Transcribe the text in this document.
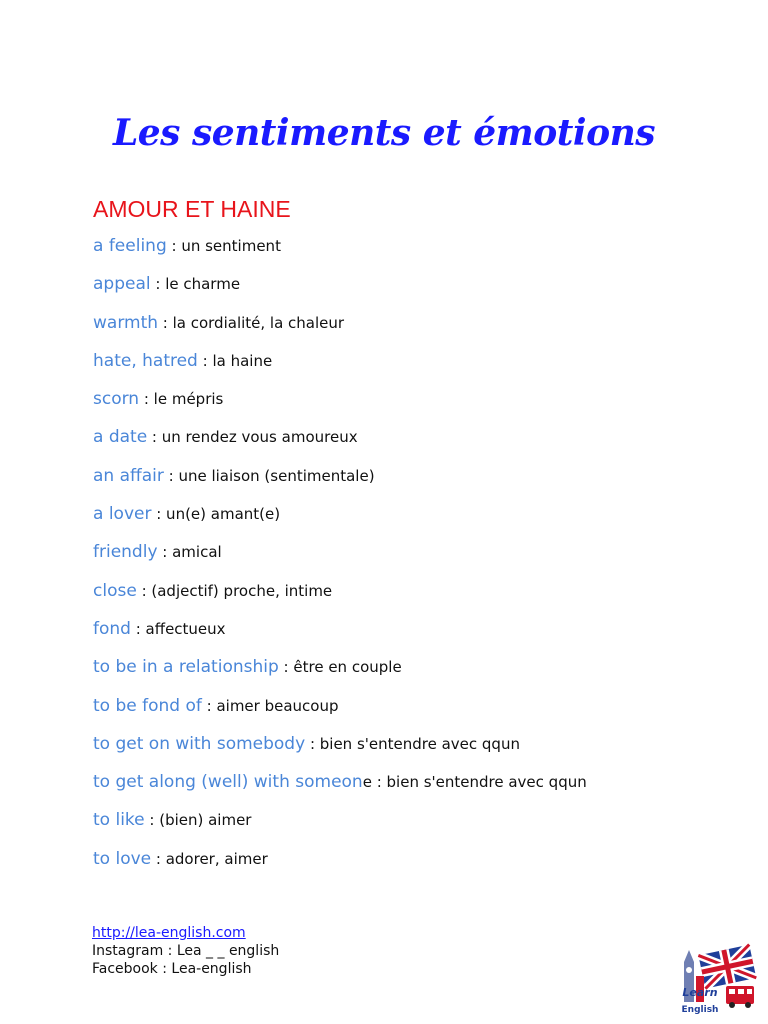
Les sentiments et émotions
AMOUR ET HAINE
a feeling : un sentiment
appeal : le charme
warmth : la cordialité, la chaleur
hate, hatred : la haine
scorn : le mépris
a date : un rendez vous amoureux
an affair : une liaison (sentimentale)
a lover : un(e) amant(e)
friendly : amical
close : (adjectif) proche, intime
fond : affectueux
to be in a relationship : être en couple
to be fond of : aimer beaucoup
to get on with somebody : bien s'entendre avec qqun
to get along (well) with someone : bien s'entendre avec qqun
to like : (bien) aimer
to love : adorer, aimer
http://lea-english.com
Instagram : Lea _ _ english
Facebook : Lea-english
Learn
English
